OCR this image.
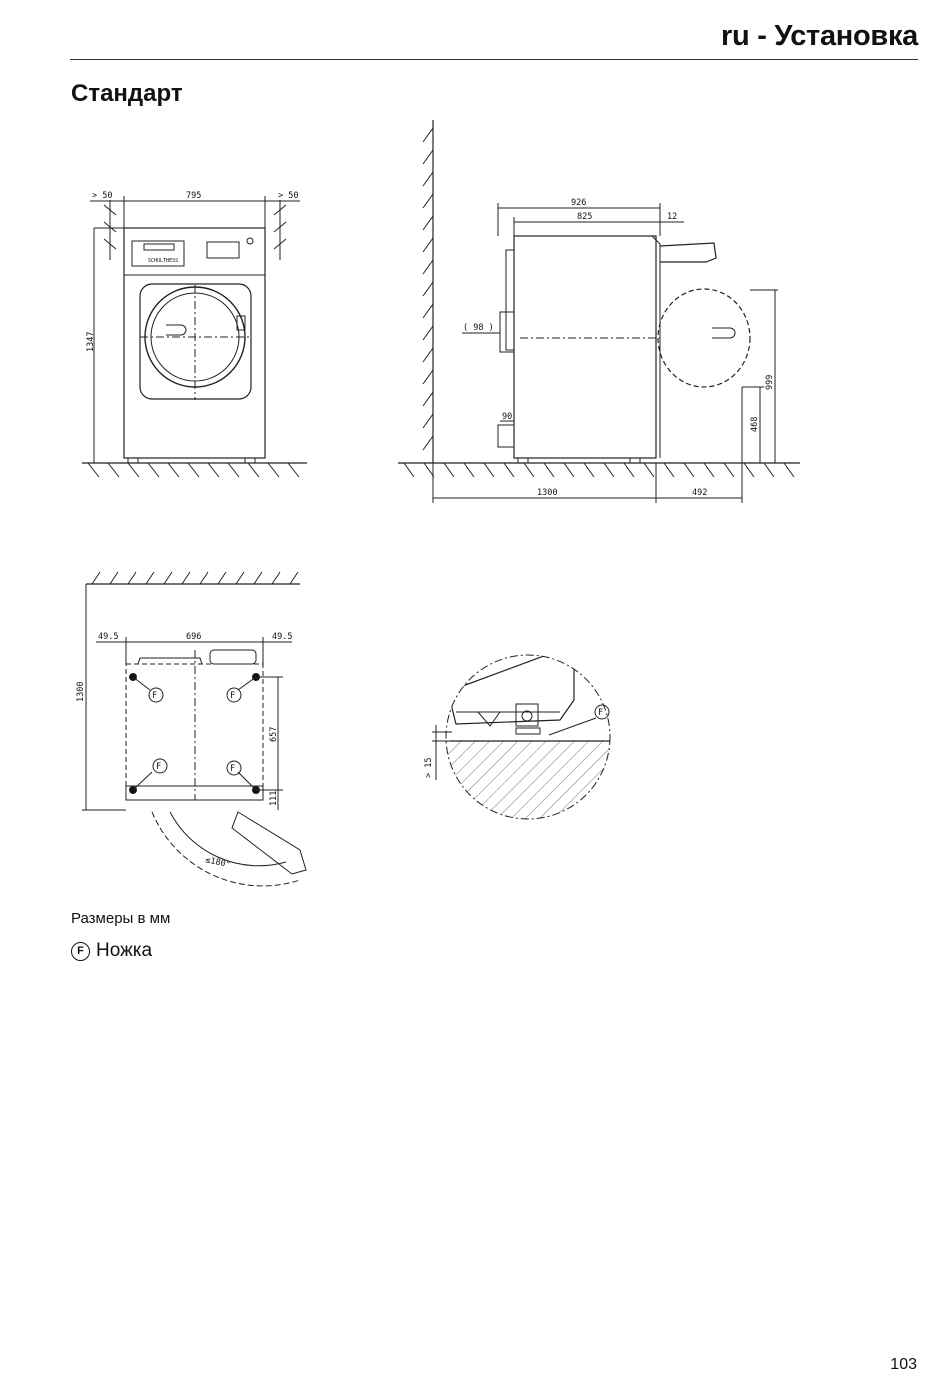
ru - Установка
Стандарт
> 50	795	> 50
1347
SCHULTHESS
926
825	12
( 98 )
90
1300	492
999
468
49.5	696	49.5
1300
657
111
≤180°
F	F
F	F	> 15
F
Размеры в мм
F Ножка
103
